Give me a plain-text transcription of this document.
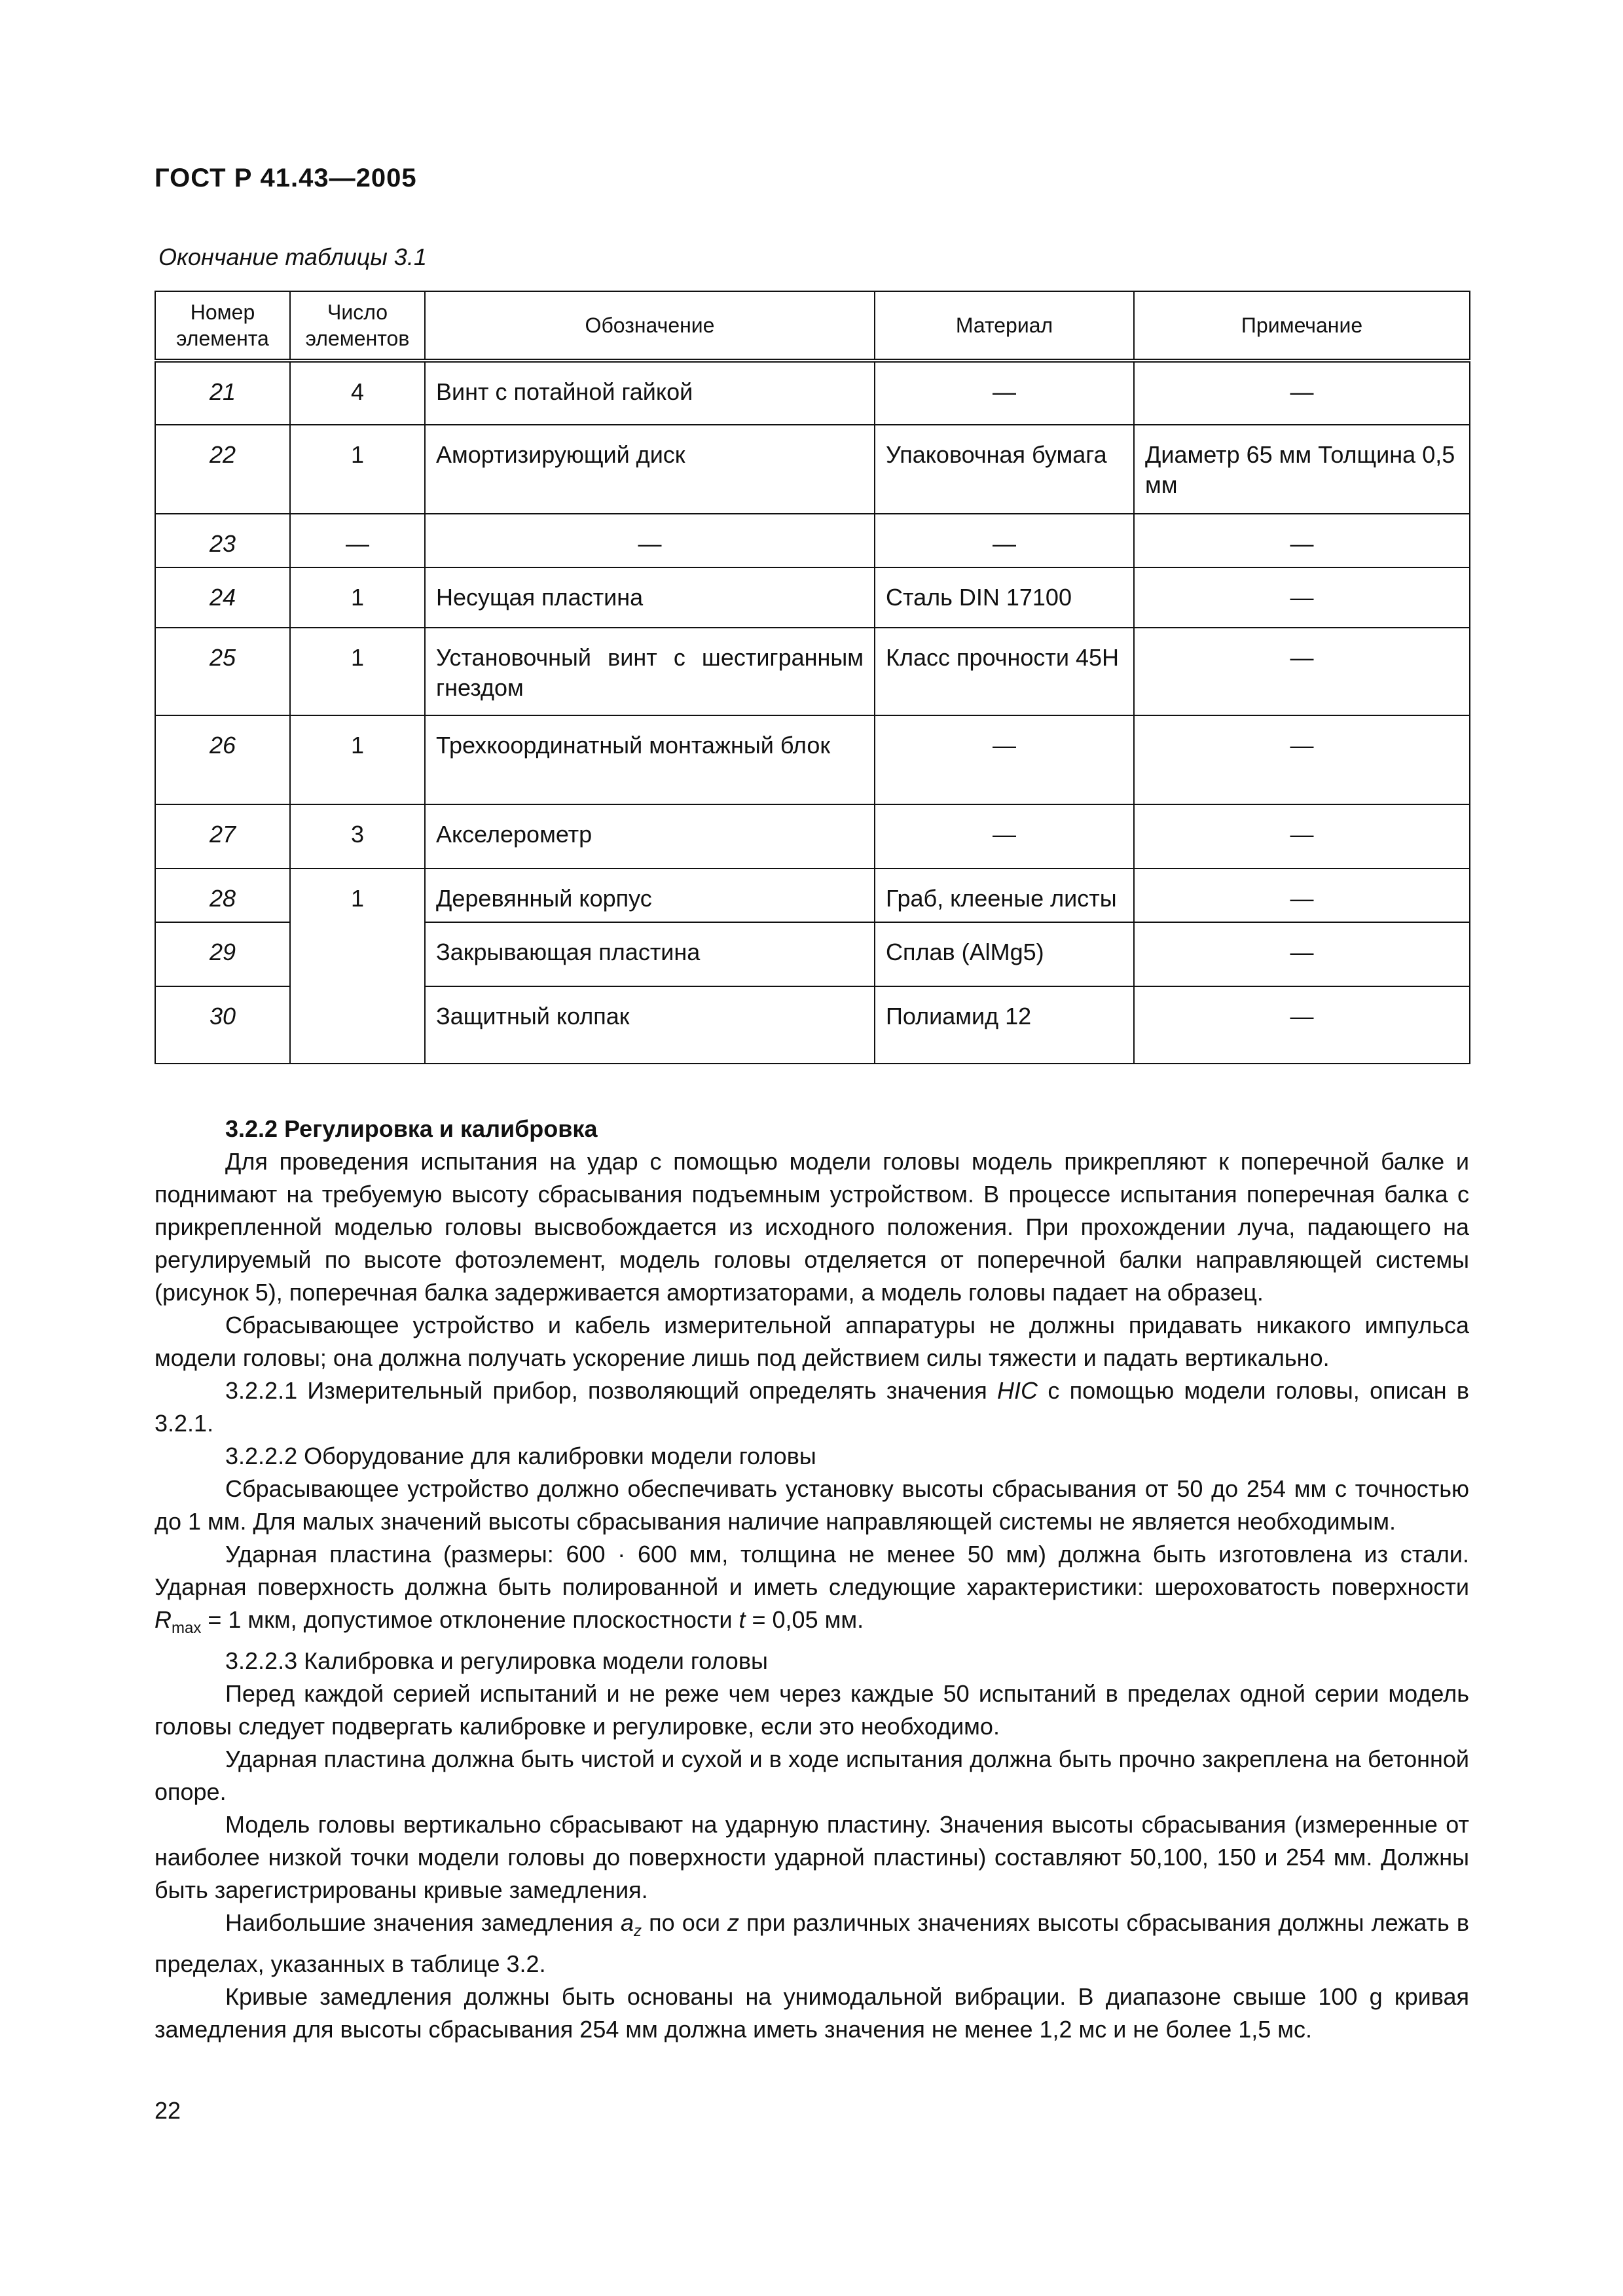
ГОСТ Р 41.43—2005
Окончание таблицы 3.1
Номер элемента	Число элементов	Обозначение	Материал	Примечание
21	4	Винт с потайной гайкой	—	—
22	1	Амортизирующий диск	Упаковочная бумага	Диаметр 65 мм Толщина 0,5 мм
23	—	—	—	—
24	1	Несущая пластина	Сталь DIN 17100	—
25	1	Установочный винт с шестигранным гнездом	Класс прочности 45H	—
26	1	Трехкоординатный монтажный блок	—	—
27	3	Акселерометр	—	—
28	1	Деревянный корпус	Граб, клееные листы	—
29		Закрывающая пластина	Сплав (AlMg5)	—
30		Защитный колпак	Полиамид 12	—

3.2.2 Регулировка и калибровка

Для проведения испытания на удар с помощью модели головы модель прикрепляют к поперечной балке и поднимают на требуемую высоту сбрасывания подъемным устройством. В процессе испытания поперечная балка с прикрепленной моделью головы высвобождается из исходного положения. При прохождении луча, падающего на регулируемый по высоте фотоэлемент, модель головы отделяется от поперечной балки направляющей системы (рисунок 5), поперечная балка задерживается амортизаторами, а модель головы падает на образец.

Сбрасывающее устройство и кабель измерительной аппаратуры не должны придавать никакого импульса модели головы; она должна получать ускорение лишь под действием силы тяжести и падать вертикально.

3.2.2.1 Измерительный прибор, позволяющий определять значения HIC с помощью модели головы, описан в 3.2.1.

3.2.2.2 Оборудование для калибровки модели головы

Сбрасывающее устройство должно обеспечивать установку высоты сбрасывания от 50 до 254 мм с точностью до 1 мм. Для малых значений высоты сбрасывания наличие направляющей системы не является необходимым.

Ударная пластина (размеры: 600 · 600 мм, толщина не менее 50 мм) должна быть изготовлена из стали. Ударная поверхность должна быть полированной и иметь следующие характеристики: шероховатость поверхности $R_{max} = 1$ мкм, допустимое отклонение плоскостности t = 0,05 мм.

3.2.2.3 Калибровка и регулировка модели головы

Перед каждой серией испытаний и не реже чем через каждые 50 испытаний в пределах одной серии модель головы следует подвергать калибровке и регулировке, если это необходимо.

Ударная пластина должна быть чистой и сухой и в ходе испытания должна быть прочно закреплена на бетонной опоре.

Модель головы вертикально сбрасывают на ударную пластину. Значения высоты сбрасывания (измеренные от наиболее низкой точки модели головы до поверхности ударной пластины) составляют 50,100, 150 и 254 мм. Должны быть зарегистрированы кривые замедления.

Наибольшие значения замедления $a_z$ по оси z при различных значениях высоты сбрасывания должны лежать в пределах, указанных в таблице 3.2.

Кривые замедления должны быть основаны на унимодальной вибрации. В диапазоне свыше 100 g кривая замедления для высоты сбрасывания 254 мм должна иметь значения не менее 1,2 мс и не более 1,5 мс.

22
